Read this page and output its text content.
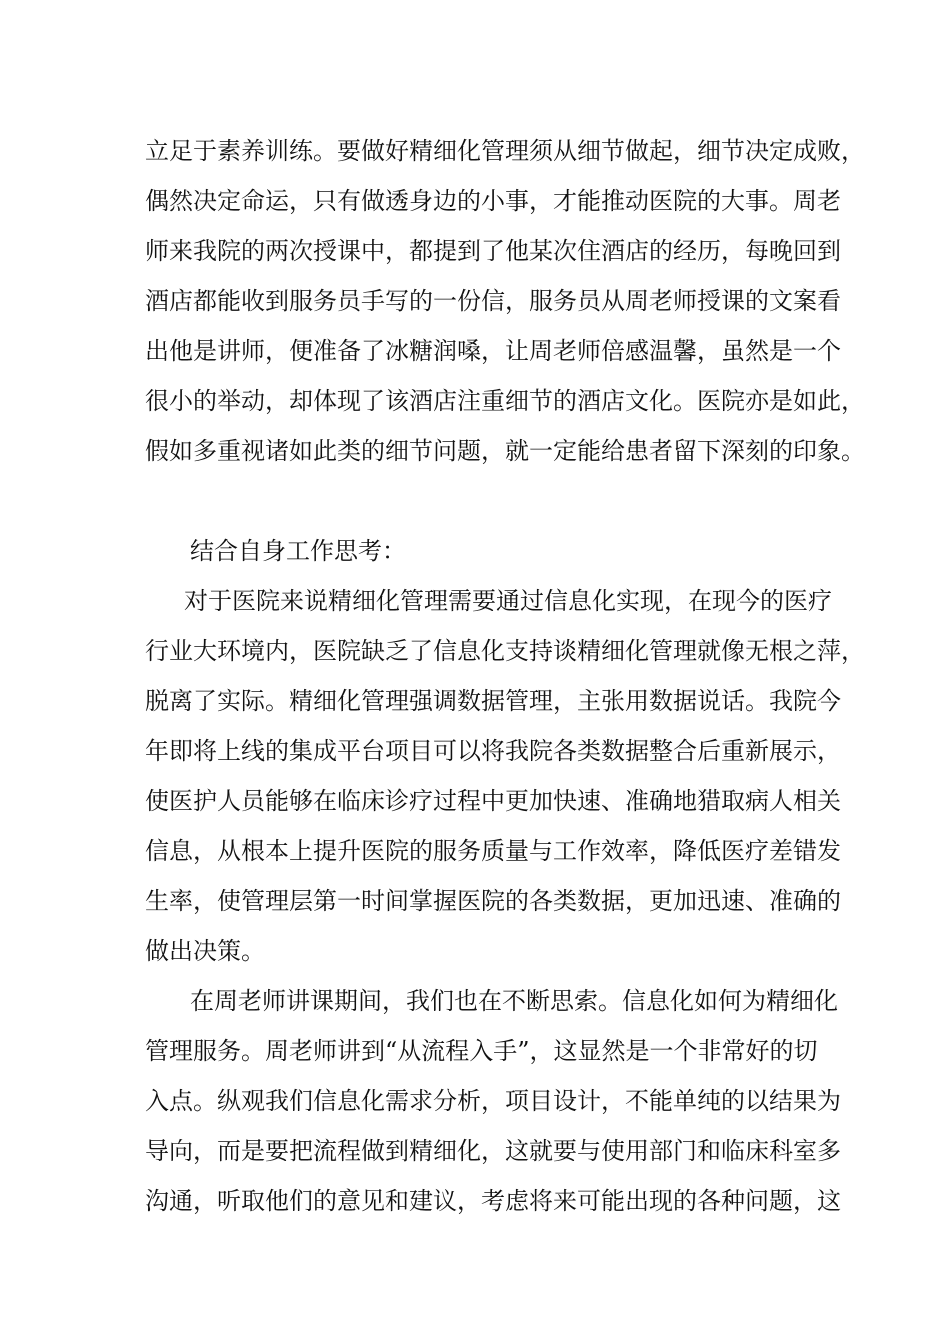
立足于素养训练。要做好精细化管理须从细节做起，细节决定成败，
偶然决定命运，只有做透身边的小事，才能推动医院的大事。周老
师来我院的两次授课中，都提到了他某次住酒店的经历，每晚回到
酒店都能收到服务员手写的一份信，服务员从周老师授课的文案看
出他是讲师，便准备了冰糖润嗓，让周老师倍感温馨，虽然是一个
很小的举动，却体现了该酒店注重细节的酒店文化。医院亦是如此，
假如多重视诸如此类的细节问题，就一定能给患者留下深刻的印象。
结合自身工作思考：
对于医院来说精细化管理需要通过信息化实现，在现今的医疗
行业大环境内，医院缺乏了信息化支持谈精细化管理就像无根之萍，
脱离了实际。精细化管理强调数据管理，主张用数据说话。我院今
年即将上线的集成平台项目可以将我院各类数据整合后重新展示，
使医护人员能够在临床诊疗过程中更加快速、准确地猎取病人相关
信息，从根本上提升医院的服务质量与工作效率，降低医疗差错发
生率，使管理层第一时间掌握医院的各类数据，更加迅速、准确的
做出决策。
在周老师讲课期间，我们也在不断思索。信息化如何为精细化
管理服务。周老师讲到“从流程入手”，这显然是一个非常好的切
入点。纵观我们信息化需求分析，项目设计，不能单纯的以结果为
导向，而是要把流程做到精细化，这就要与使用部门和临床科室多
沟通，听取他们的意见和建议，考虑将来可能出现的各种问题，这
